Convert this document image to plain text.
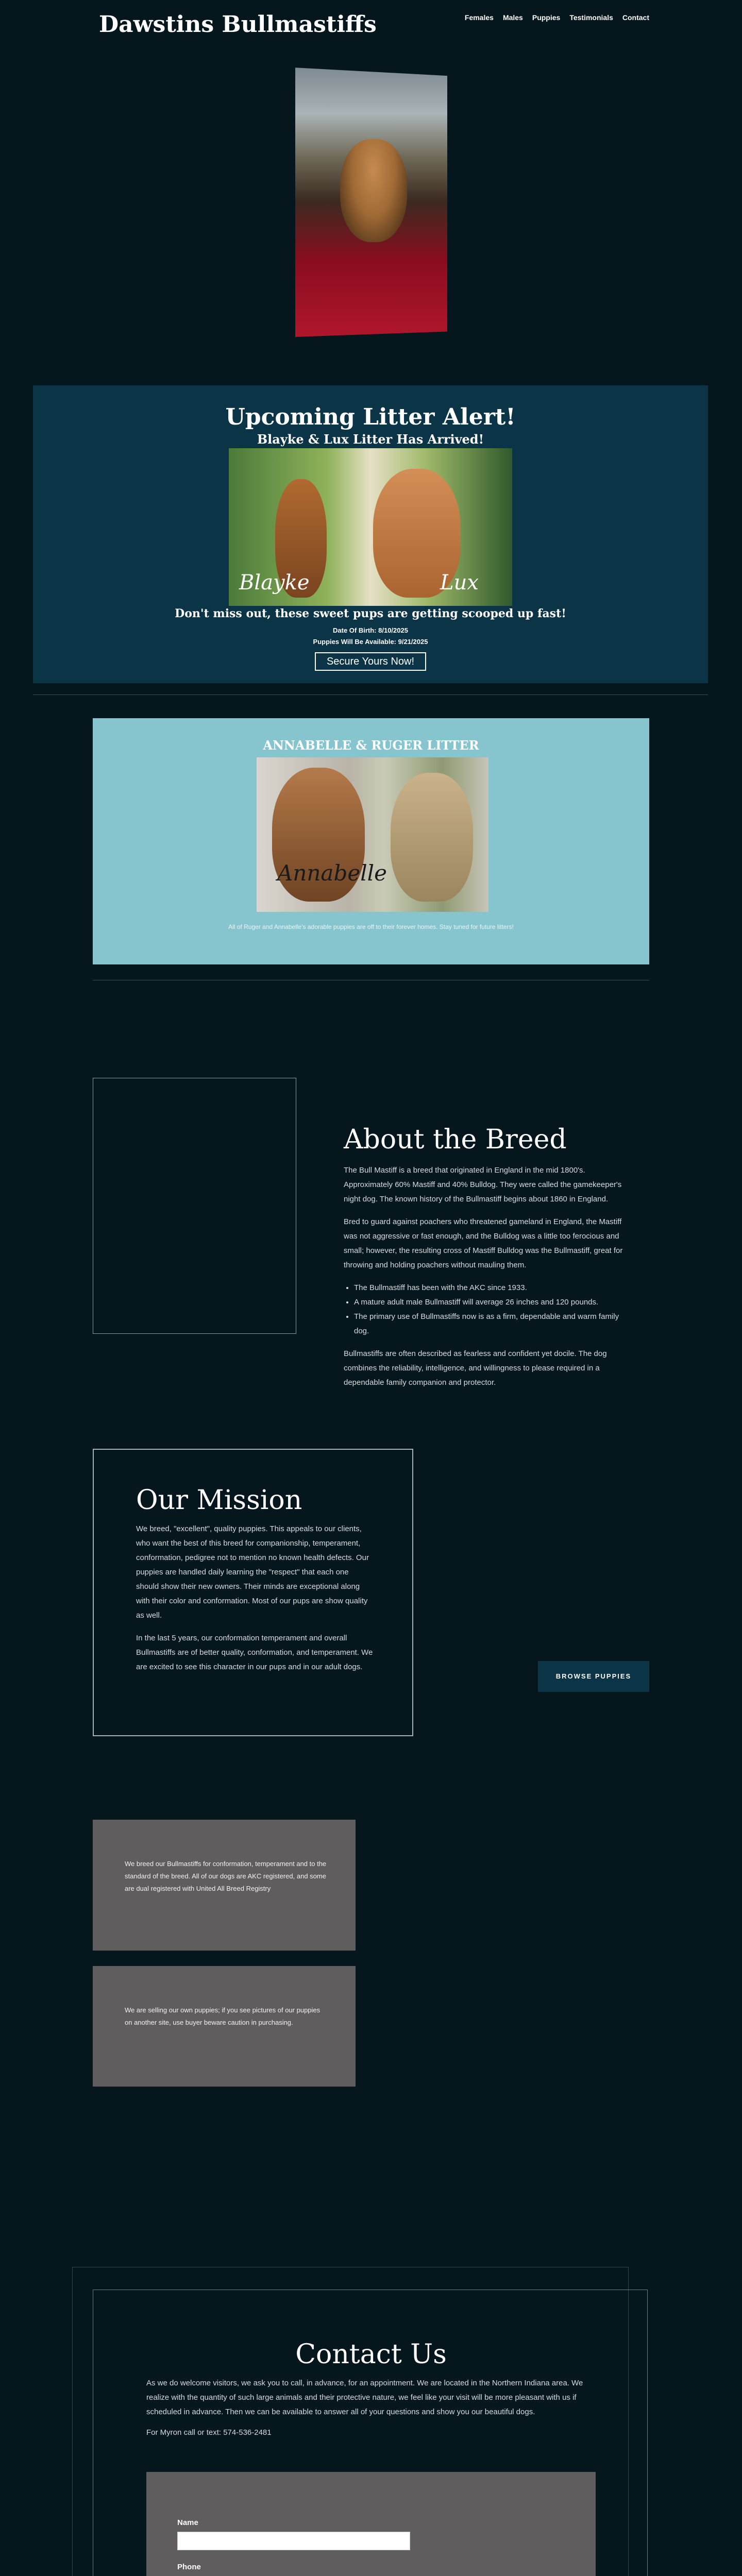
Dawstins Bullmastiffs	Females Males Puppies Testimonials Contact
Upcoming Litter Alert!
Blayke & Lux Litter Has Arrived!
Blayke	Lux
Don't miss out, these sweet pups are getting scooped up fast!
Date Of Birth: 8/10/2025
Puppies Will Be Available: 9/21/2025
Secure Yours Now!
ANNABELLE & RUGER LITTER
Annabelle
All of Ruger and Annabelle's adorable puppies are off to their forever homes. Stay tuned for future litters!
About the Breed

The Bull Mastiff is a breed that originated in England in the mid 1800's. Approximately 60% Mastiff and 40% Bulldog. They were called the gamekeeper's night dog. The known history of the Bullmastiff begins about 1860 in England.

Bred to guard against poachers who threatened gameland in England, the Mastiff was not aggressive or fast enough, and the Bulldog was a little too ferocious and small; however, the resulting cross of Mastiff Bulldog was the Bullmastiff, great for throwing and holding poachers without mauling them.

• The Bullmastiff has been with the AKC since 1933.
• A mature adult male Bullmastiff will average 26 inches and 120 pounds.
• The primary use of Bullmastiffs now is as a firm, dependable and warm family dog.

Bullmastiffs are often described as fearless and confident yet docile. The dog combines the reliability, intelligence, and willingness to please required in a dependable family companion and protector.

Our Mission

We breed, "excellent", quality puppies. This appeals to our clients, who want the best of this breed for companionship, temperament, conformation, pedigree not to mention no known health defects. Our puppies are handled daily learning the "respect" that each one should show their new owners. Their minds are exceptional along with their color and conformation. Most of our pups are show quality as well.

In the last 5 years, our conformation temperament and overall Bullmastiffs are of better quality, conformation, and temperament. We are excited to see this character in our pups and in our adult dogs.

BROWSE PUPPIES
We breed our Bullmastiffs for conformation, temperament and to the standard of the breed. All of our dogs are AKC registered, and some are dual registered with United All Breed Registry
We are selling our own puppies; if you see pictures of our puppies on another site, use buyer beware caution in purchasing.
Contact Us

As we do welcome visitors, we ask you to call, in advance, for an appointment. We are located in the Northern Indiana area. We realize with the quantity of such large animals and their protective nature, we feel like your visit will be more pleasant with us if scheduled in advance. Then we can be available to answer all of your questions and show you our beautiful dogs.

For Myron call or text: 574-536-2481

Name
Phone
